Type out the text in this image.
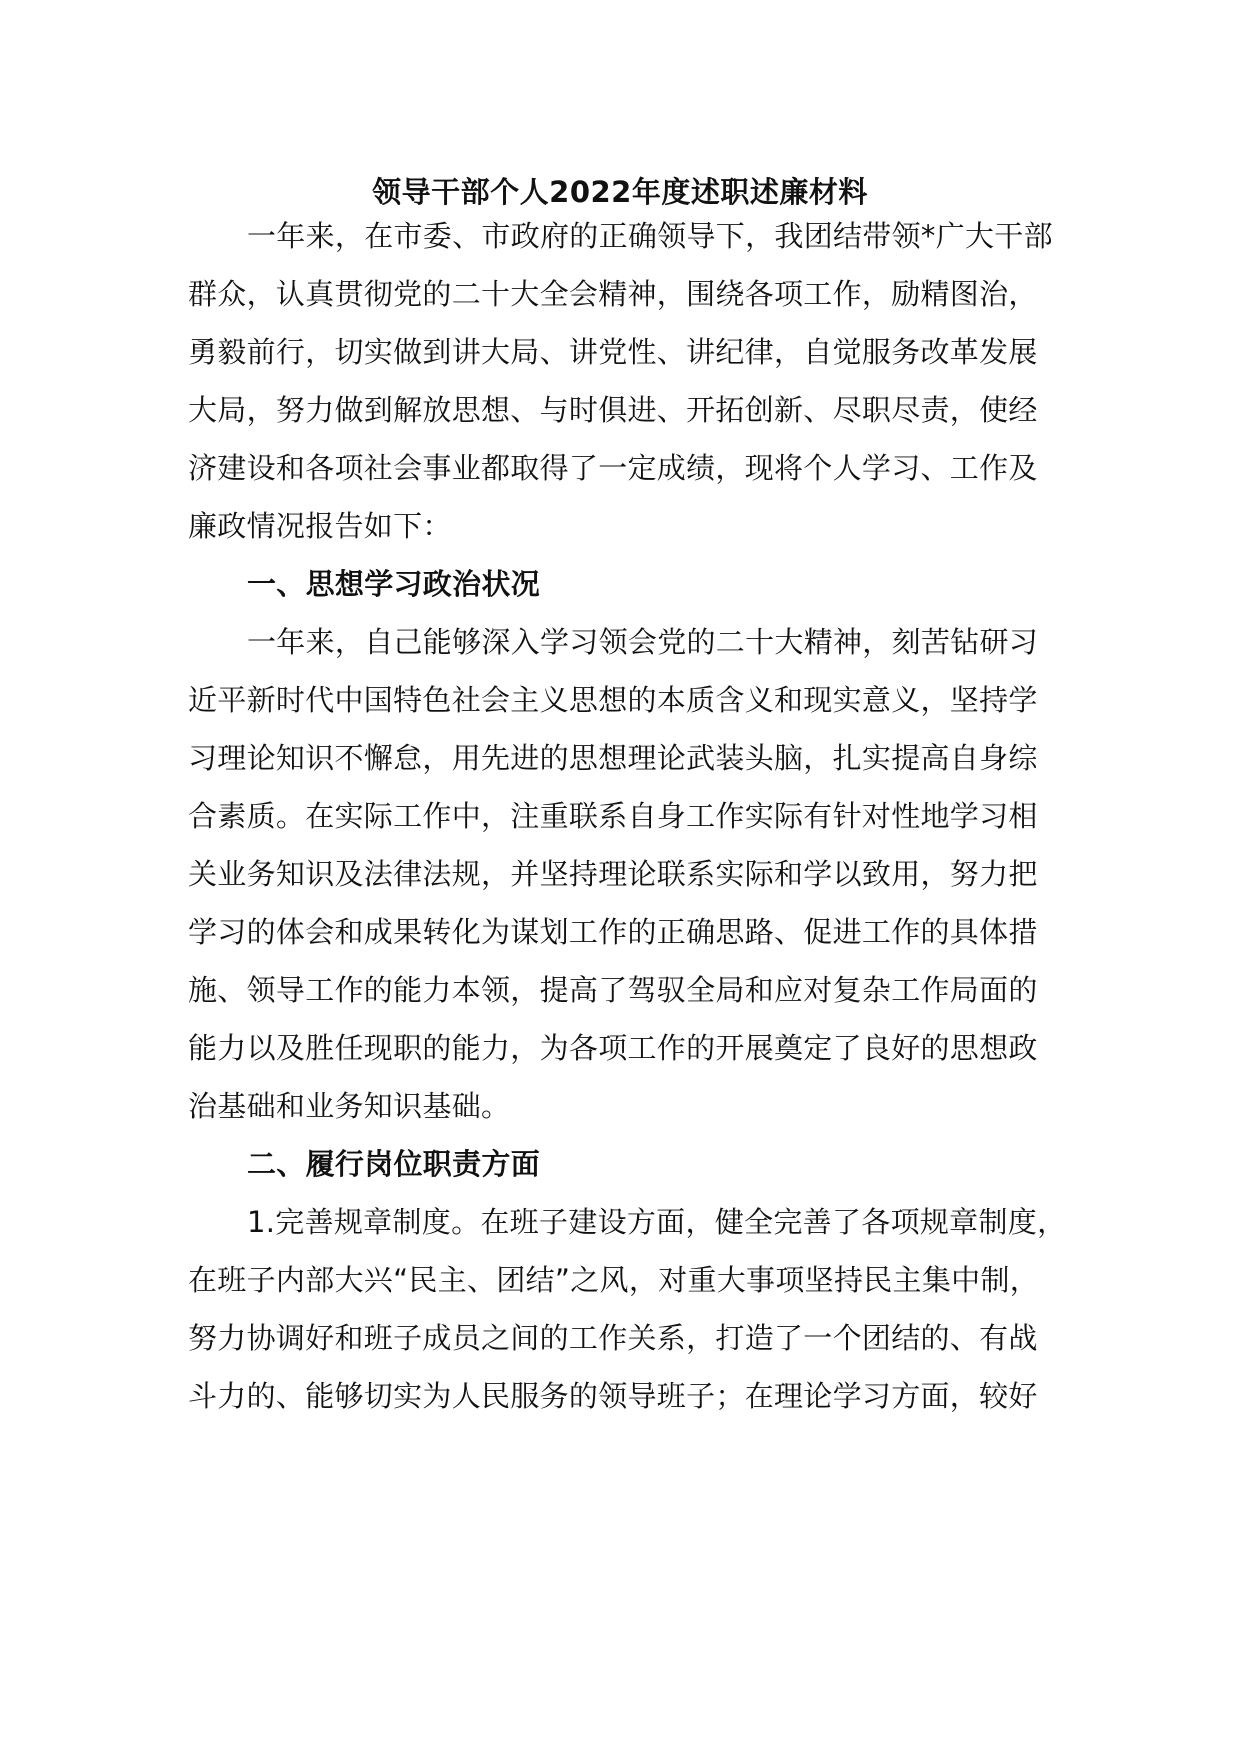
领导干部个人2022年度述职述廉材料
一年来，在市委、市政府的正确领导下，我团结带领*广大干部
群众，认真贯彻党的二十大全会精神，围绕各项工作，励精图治，
勇毅前行，切实做到讲大局、讲党性、讲纪律，自觉服务改革发展
大局，努力做到解放思想、与时俱进、开拓创新、尽职尽责，使经
济建设和各项社会事业都取得了一定成绩，现将个人学习、工作及
廉政情况报告如下：
一、思想学习政治状况
一年来，自己能够深入学习领会党的二十大精神，刻苦钻研习
近平新时代中国特色社会主义思想的本质含义和现实意义，坚持学
习理论知识不懈怠，用先进的思想理论武装头脑，扎实提高自身综
合素质。在实际工作中，注重联系自身工作实际有针对性地学习相
关业务知识及法律法规，并坚持理论联系实际和学以致用，努力把
学习的体会和成果转化为谋划工作的正确思路、促进工作的具体措
施、领导工作的能力本领，提高了驾驭全局和应对复杂工作局面的
能力以及胜任现职的能力，为各项工作的开展奠定了良好的思想政
治基础和业务知识基础。
二、履行岗位职责方面
1.完善规章制度。在班子建设方面，健全完善了各项规章制度，
在班子内部大兴“民主、团结”之风，对重大事项坚持民主集中制，
努力协调好和班子成员之间的工作关系，打造了一个团结的、有战
斗力的、能够切实为人民服务的领导班子；在理论学习方面，较好
